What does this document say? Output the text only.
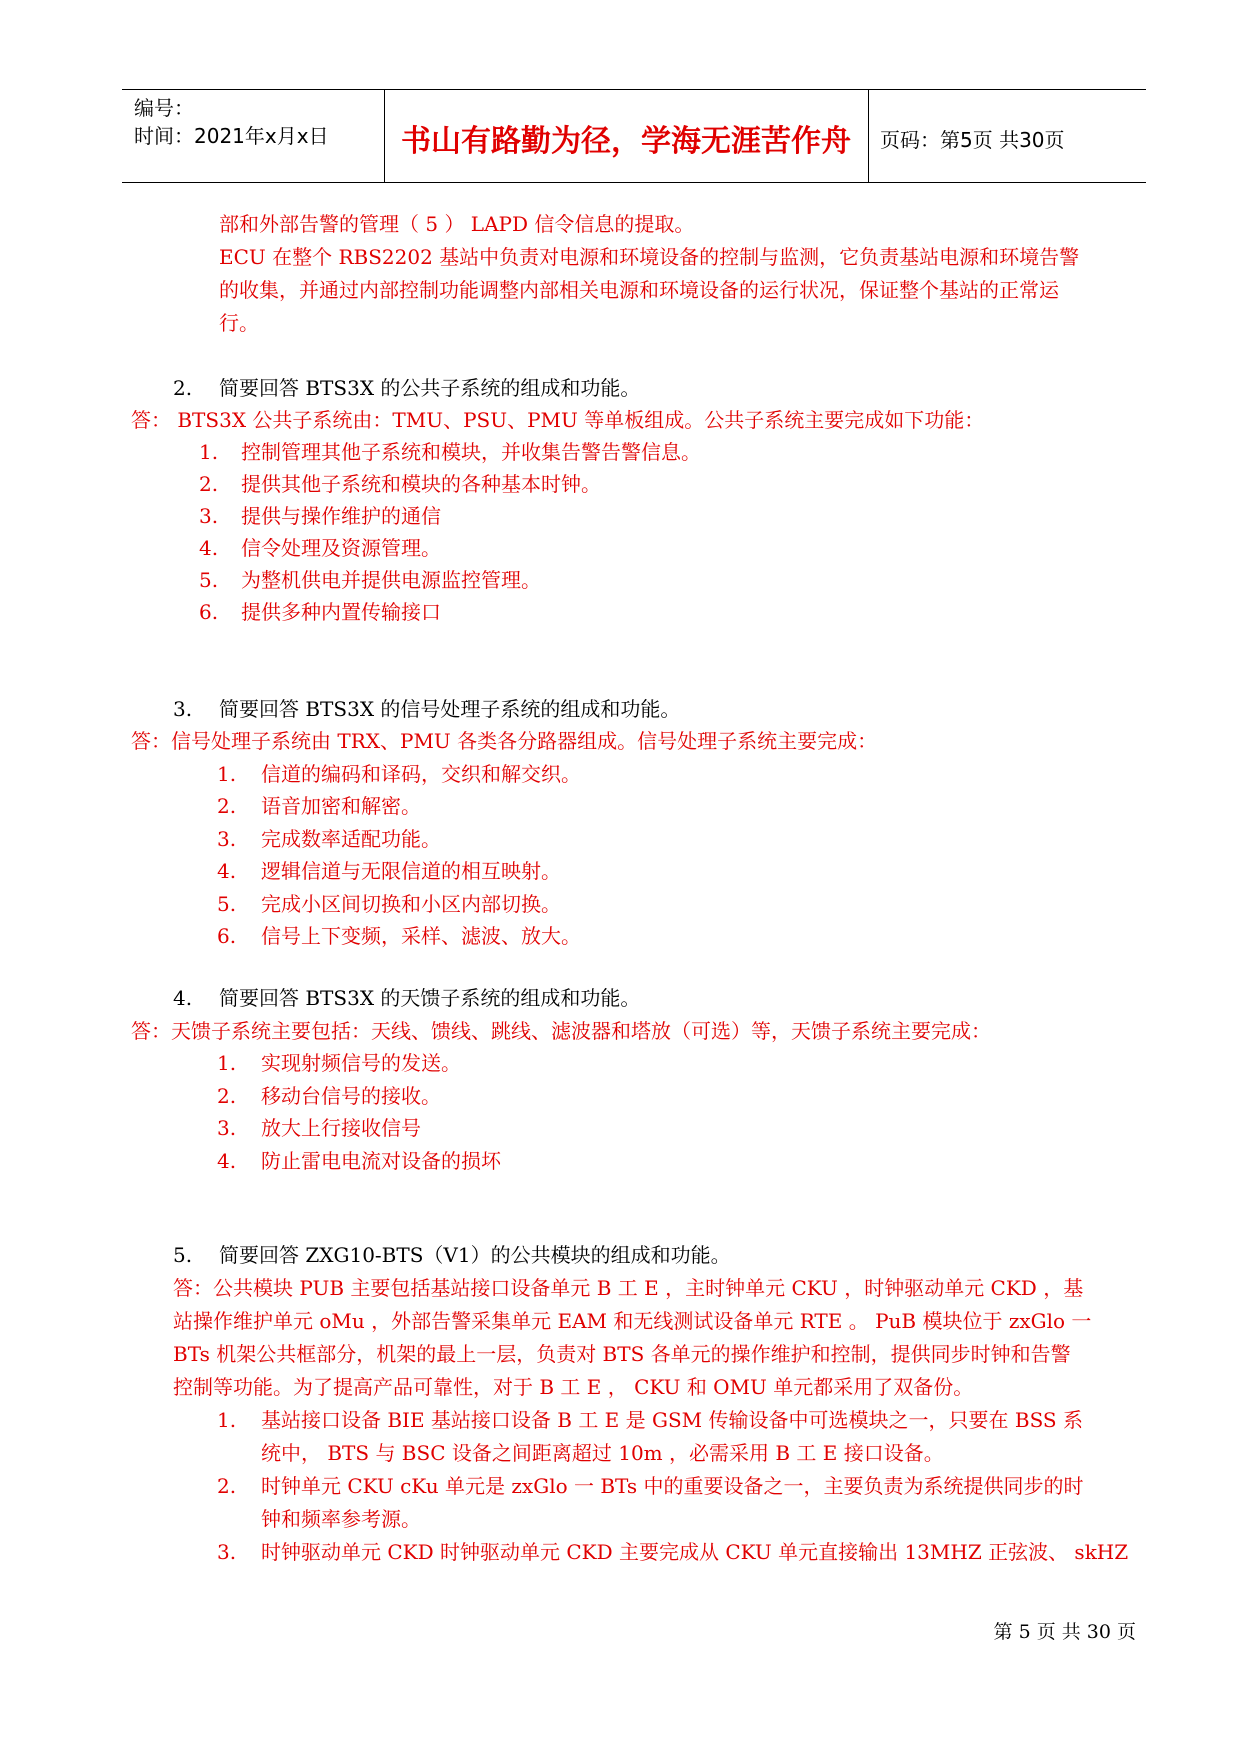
编号：
时间：2021年x月x日	书山有路勤为径，学海无涯苦作舟	页码：第5页 共30页
部和外部告警的管理（ 5 ） LAPD 信令信息的提取。
ECU 在整个 RBS2202 基站中负责对电源和环境设备的控制与监测，它负责基站电源和环境告警
的收集，并通过内部控制功能调整内部相关电源和环境设备的运行状况，保证整个基站的正常运
行。
2. 简要回答 BTS3X 的公共子系统的组成和功能。
答： BTS3X 公共子系统由：TMU、PSU、PMU 等单板组成。公共子系统主要完成如下功能：
1. 控制管理其他子系统和模块，并收集告警告警信息。
2. 提供其他子系统和模块的各种基本时钟。
3. 提供与操作维护的通信
4. 信令处理及资源管理。
5. 为整机供电并提供电源监控管理。
6. 提供多种内置传输接口
3. 简要回答 BTS3X 的信号处理子系统的组成和功能。
答：信号处理子系统由 TRX、PMU 各类各分路器组成。信号处理子系统主要完成：
1. 信道的编码和译码，交织和解交织。
2. 语音加密和解密。
3. 完成数率适配功能。
4. 逻辑信道与无限信道的相互映射。
5. 完成小区间切换和小区内部切换。
6. 信号上下变频，采样、滤波、放大。
4. 简要回答 BTS3X 的天馈子系统的组成和功能。
答：天馈子系统主要包括：天线、馈线、跳线、滤波器和塔放（可选）等，天馈子系统主要完成：
1. 实现射频信号的发送。
2. 移动台信号的接收。
3. 放大上行接收信号
4. 防止雷电电流对设备的损坏
5. 简要回答 ZXG10-BTS（V1）的公共模块的组成和功能。
答：公共模块 PUB 主要包括基站接口设备单元 B 工 E ，主时钟单元 CKU ，时钟驱动单元 CKD ，基
站操作维护单元 oMu ，外部告警采集单元 EAM 和无线测试设备单元 RTE 。 PuB 模块位于 zxGlo 一
BTs 机架公共框部分，机架的最上一层，负责对 BTS 各单元的操作维护和控制，提供同步时钟和告警
控制等功能。为了提高产品可靠性，对于 B 工 E ， CKU 和 OMU 单元都采用了双备份。
1. 基站接口设备 BIE 基站接口设备 B 工 E 是 GSM 传输设备中可选模块之一，只要在 BSS 系
统中， BTS 与 BSC 设备之间距离超过 10m ，必需采用 B 工 E 接口设备。
2. 时钟单元 CKU cKu 单元是 zxGlo 一 BTs 中的重要设备之一，主要负责为系统提供同步的时
钟和频率参考源。
3. 时钟驱动单元 CKD 时钟驱动单元 CKD 主要完成从 CKU 单元直接输出 13MHZ 正弦波、 skHZ
第 5 页 共 30 页
